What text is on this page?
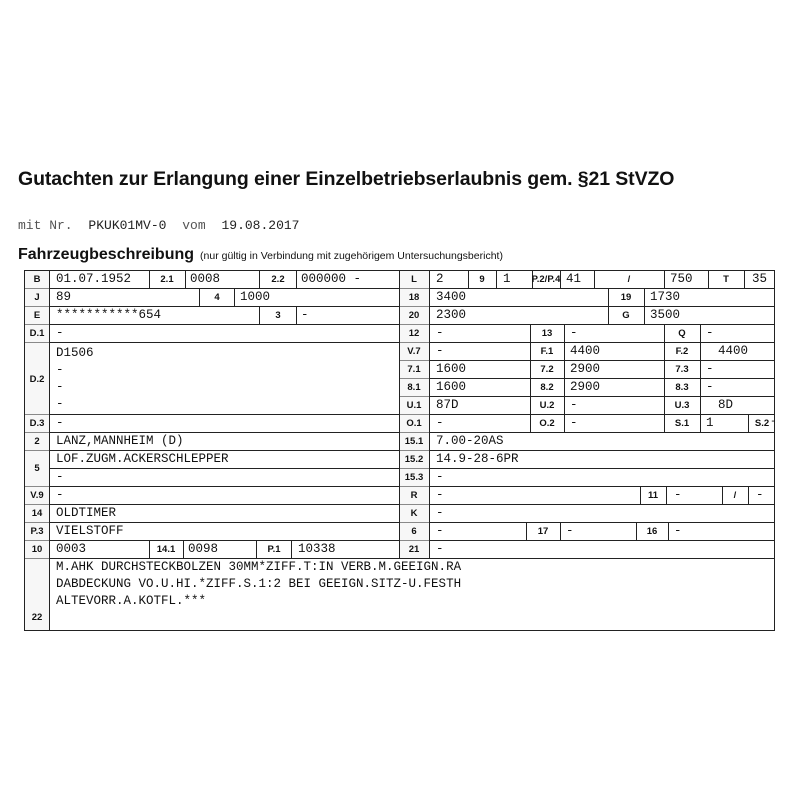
Gutachten zur Erlangung einer Einzelbetriebserlaubnis gem. §21 StVZO
mit Nr. PKUK01MV-0 vom 19.08.2017
Fahrzeugbeschreibung (nur gültig in Verbindung mit zugehörigem Untersuchungsbericht)
B 01.07.1952	2.1 0008	2.2 000000 -
J 89	4 1000
E ***********654	3 -
D.1 -
D.2
D1506
-
-
-
D.3 -
2 LANZ,MANNHEIM (D)
5
LOF.ZUGM.ACKERSCHLEPPER
-
V.9 -
14 OLDTIMER
P.3 VIELSTOFF
10 0003	14.1 0098	P.1 10338
22
M.AHK DURCHSTECKBOLZEN 30MM*ZIFF.T:IN VERB.M.GEEIGN.RA
DABDECKUNG VO.U.HI.*ZIFF.S.1:2 BEI GEEIGN.SITZ-U.FESTH
ALTEVORR.A.KOTFL.***
L 2	9 1 P.2/P.4 41	/	750	T 35
18 3400	19 1730
20 2300	G 3500
12 -	13 -	Q -
V.7 -	F.1 4400	F.2 4400
7.1 1600	7.2 2900	7.3 -
8.1 1600	8.2 2900	8.3 -
U.1 87D	U.2 -	U.3 8D
O.1 -	O.2 -	S.1 1	S.2 -
15.1 7.00-20AS
15.2 14.9-28-6PR
15.3 -
R -	11 -	/ -
K -
6 -	17 -	16 -
21 -
